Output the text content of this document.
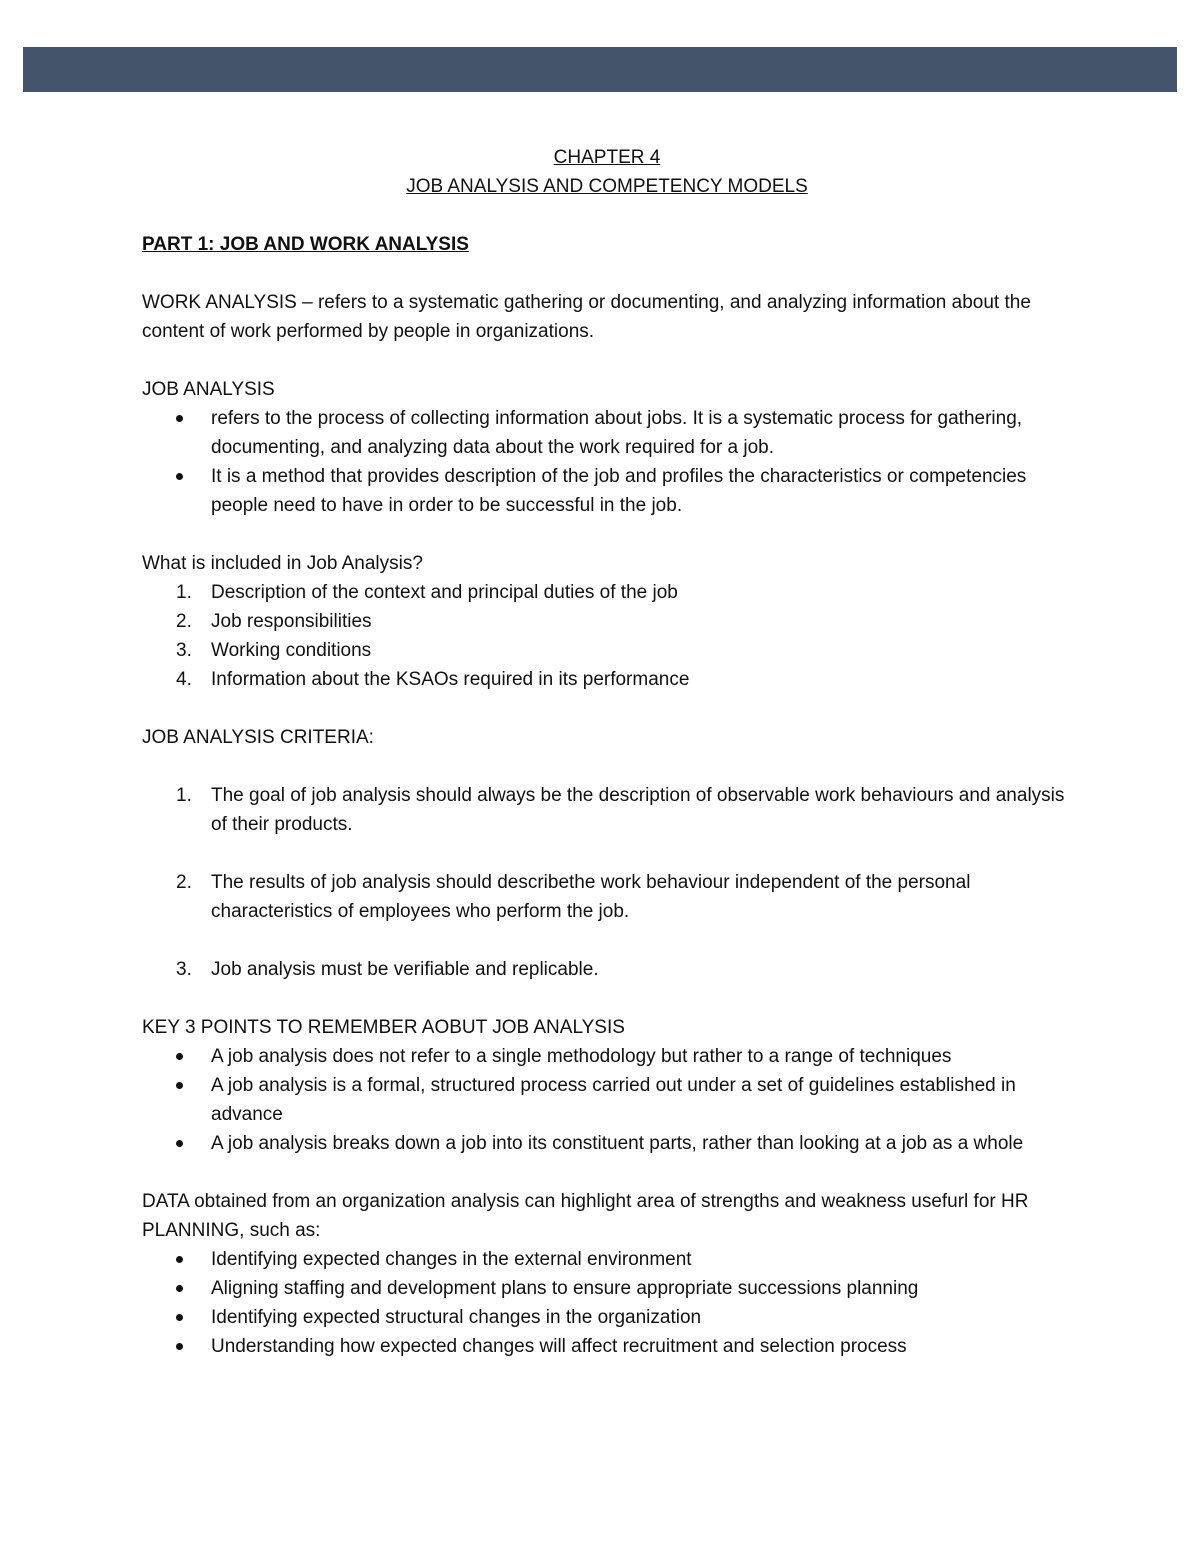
CHAPTER 4

JOB ANALYSIS AND COMPETENCY MODELS

PART 1: JOB AND WORK ANALYSIS

WORK ANALYSIS – refers to a systematic gathering or documenting, and analyzing information about the content of work performed by people in organizations.

JOB ANALYSIS

refers to the process of collecting information about jobs. It is a systematic process for gathering, documenting, and analyzing data about the work required for a job.
It is a method that provides description of the job and profiles the characteristics or competencies people need to have in order to be successful in the job.

What is included in Job Analysis?

1. Description of the context and principal duties of the job
2. Job responsibilities
3. Working conditions
4. Information about the KSAOs required in its performance

JOB ANALYSIS CRITERIA:

1. The goal of job analysis should always be the description of observable work behaviours and analysis of their products.
2. The results of job analysis should describethe work behaviour independent of the personal characteristics of employees who perform the job.
3. Job analysis must be verifiable and replicable.

KEY 3 POINTS TO REMEMBER AOBUT JOB ANALYSIS

A job analysis does not refer to a single methodology but rather to a range of techniques
A job analysis is a formal, structured process carried out under a set of guidelines established in advance
A job analysis breaks down a job into its constituent parts, rather than looking at a job as a whole

DATA obtained from an organization analysis can highlight area of strengths and weakness usefurl for HR PLANNING, such as:

Identifying expected changes in the external environment
Aligning staffing and development plans to ensure appropriate successions planning
Identifying expected structural changes in the organization
Understanding how expected changes will affect recruitment and selection process
